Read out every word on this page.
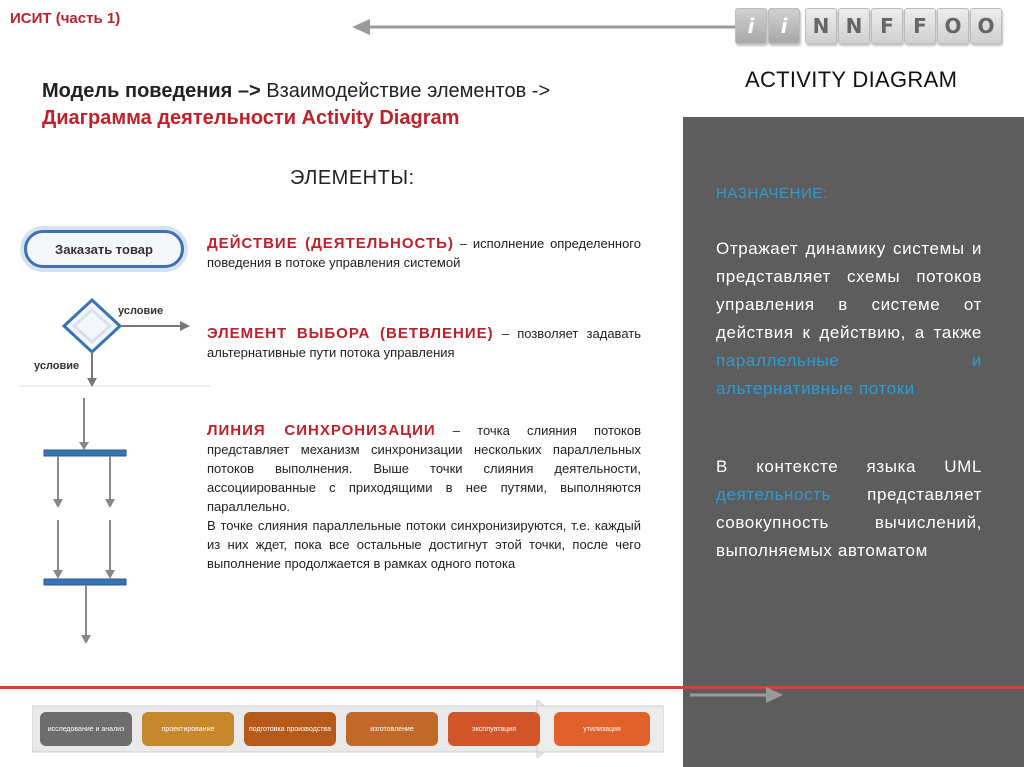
ИСИТ (часть 1)	i	i	N N F F O O
Модель поведения –> Взаимодействие элементов ->
Диаграмма деятельности Activity Diagram
ЭЛЕМЕНТЫ:
Заказать товар
условие
условие
ДЕЙСТВИЕ (ДЕЯТЕЛЬНОСТЬ) – исполнение определенного поведения в потоке управления системой
ЭЛЕМЕНТ ВЫБОРА (ВЕТВЛЕНИЕ) – позволяет задавать альтернативные пути потока управления
ЛИНИЯ СИНХРОНИЗАЦИИ – точка слияния потоков представляет механизм синхронизации нескольких параллельных потоков выполнения. Выше точки слияния деятельности, ассоциированные с приходящими в нее путями, выполняются параллельно.
В точке слияния параллельные потоки синхронизируются, т.е. каждый из них ждет, пока все остальные достигнут этой точки, после чего выполнение продолжается в рамках одного потока
ACTIVITY DIAGRAM
НАЗНАЧЕНИЕ:
Отражает динамику системы и представляет схемы потоков управления в системе от действия к действию, а также параллельные и альтернативные потоки
В контексте языка UML деятельность представляет совокупность вычислений, выполняемых автоматом
исследование и анализ	проектирование	подготовка производства	изготовление	эксплуатация	утилизация
